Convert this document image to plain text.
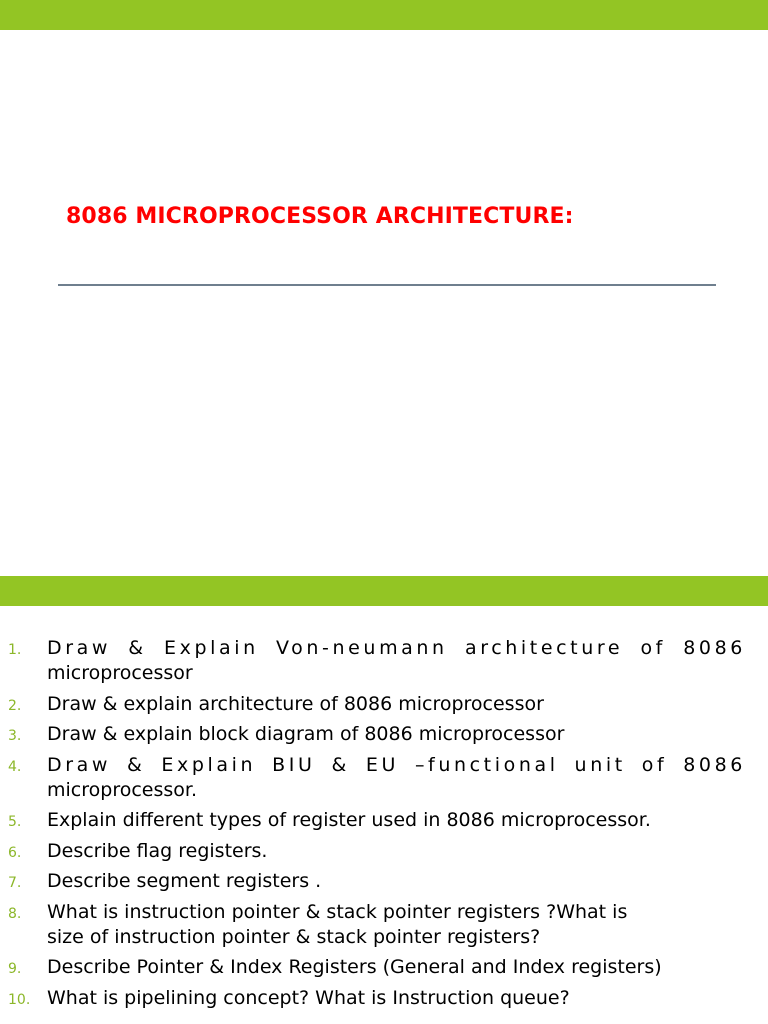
8086 MICROPROCESSOR ARCHITECTURE:
1. Draw & Explain Von-neumann architecture of 8086
microprocessor
2. Draw & explain architecture of 8086 microprocessor
3. Draw & explain block diagram of 8086 microprocessor
4. Draw & Explain BIU & EU –functional unit of 8086
microprocessor.
5. Explain different types of register used in 8086 microprocessor.
6. Describe flag registers.
7. Describe segment registers .
8. What is instruction pointer & stack pointer registers ?What is
size of instruction pointer & stack pointer registers?
9. Describe Pointer & Index Registers (General and Index registers)
10. What is pipelining concept? What is Instruction queue?
